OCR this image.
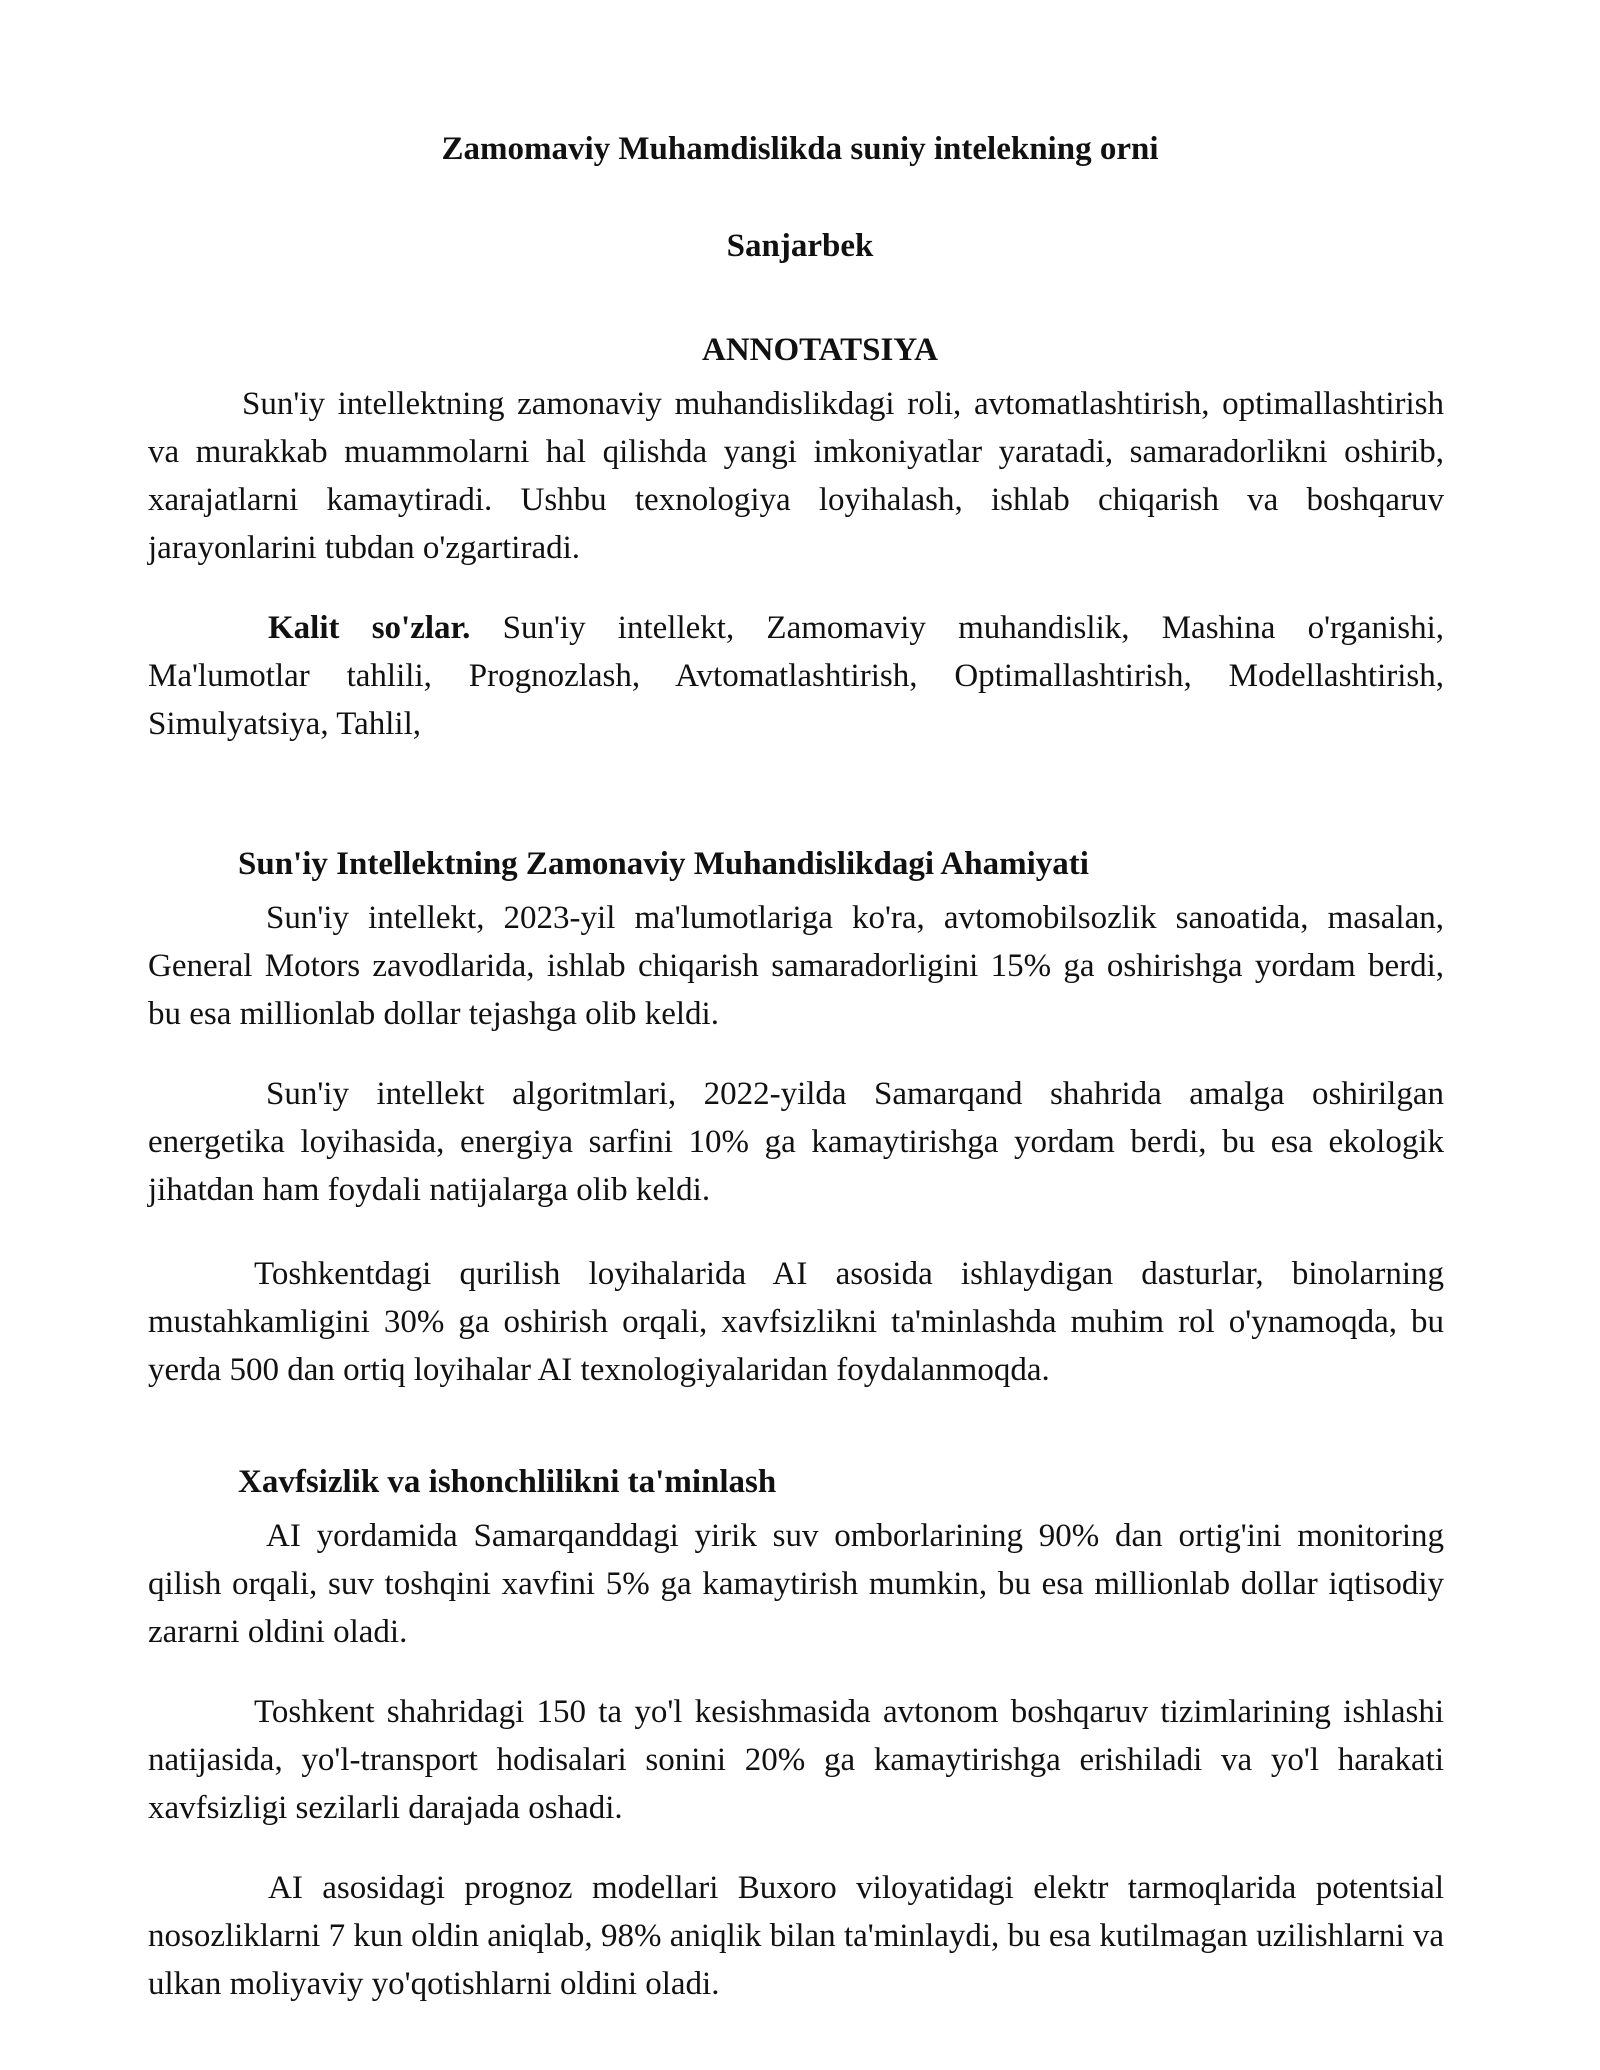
Zamomaviy Muhamdislikda suniy intelekning orni
Sanjarbek
ANNOTATSIYA

Sun'iy intellektning zamonaviy muhandislikdagi roli, avtomatlashtirish, optimallashtirish va murakkab muammolarni hal qilishda yangi imkoniyatlar yaratadi, samaradorlikni oshirib, xarajatlarni kamaytiradi. Ushbu texnologiya loyihalash, ishlab chiqarish va boshqaruv jarayonlarini tubdan o'zgartiradi.

Kalit so'zlar. Sun'iy intellekt, Zamomaviy muhandislik, Mashina o'rganishi, Ma'lumotlar tahlili, Prognozlash, Avtomatlashtirish, Optimallashtirish, Modellashtirish, Simulyatsiya, Tahlil,

Sun'iy Intellektning Zamonaviy Muhandislikdagi Ahamiyati

Sun'iy intellekt, 2023-yil ma'lumotlariga ko'ra, avtomobilsozlik sanoatida, masalan, General Motors zavodlarida, ishlab chiqarish samaradorligini 15% ga oshirishga yordam berdi, bu esa millionlab dollar tejashga olib keldi.

Sun'iy intellekt algoritmlari, 2022-yilda Samarqand shahrida amalga oshirilgan energetika loyihasida, energiya sarfini 10% ga kamaytirishga yordam berdi, bu esa ekologik jihatdan ham foydali natijalarga olib keldi.

Toshkentdagi qurilish loyihalarida AI asosida ishlaydigan dasturlar, binolarning mustahkamligini 30% ga oshirish orqali, xavfsizlikni ta'minlashda muhim rol o'ynamoqda, bu yerda 500 dan ortiq loyihalar AI texnologiyalaridan foydalanmoqda.

Xavfsizlik va ishonchlilikni ta'minlash

AI yordamida Samarqanddagi yirik suv omborlarining 90% dan ortig'ini monitoring qilish orqali, suv toshqini xavfini 5% ga kamaytirish mumkin, bu esa millionlab dollar iqtisodiy zararni oldini oladi.

Toshkent shahridagi 150 ta yo'l kesishmasida avtonom boshqaruv tizimlarining ishlashi natijasida, yo'l-transport hodisalari sonini 20% ga kamaytirishga erishiladi va yo'l harakati xavfsizligi sezilarli darajada oshadi.

AI asosidagi prognoz modellari Buxoro viloyatidagi elektr tarmoqlarida potentsial nosozliklarni 7 kun oldin aniqlab, 98% aniqlik bilan ta'minlaydi, bu esa kutilmagan uzilishlarni va ulkan moliyaviy yo'qotishlarni oldini oladi.
